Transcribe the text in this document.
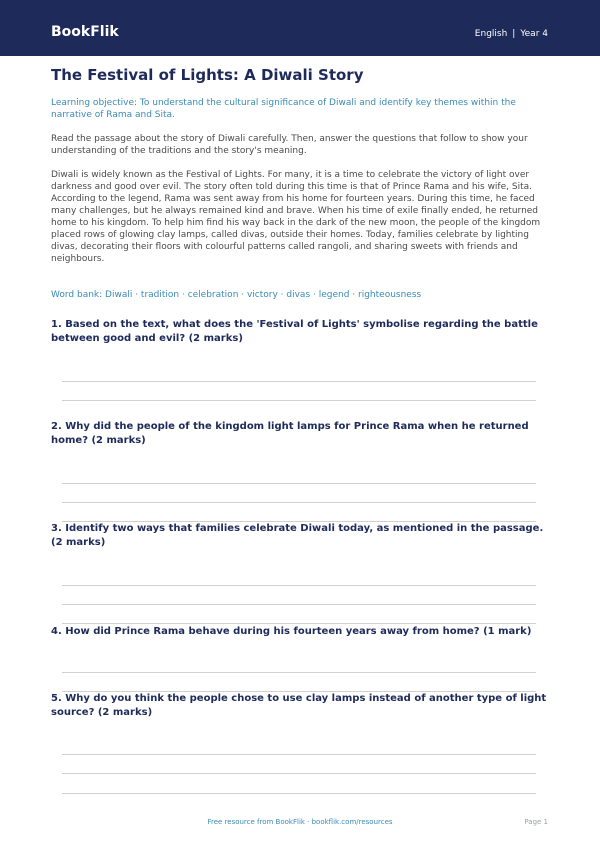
BookFlik	English | Year 4
The Festival of Lights: A Diwali Story
Learning objective: To understand the cultural significance of Diwali and identify key themes within the narrative of Rama and Sita.
Read the passage about the story of Diwali carefully. Then, answer the questions that follow to show your understanding of the traditions and the story's meaning.
Diwali is widely known as the Festival of Lights. For many, it is a time to celebrate the victory of light over darkness and good over evil. The story often told during this time is that of Prince Rama and his wife, Sita. According to the legend, Rama was sent away from his home for fourteen years. During this time, he faced many challenges, but he always remained kind and brave. When his time of exile finally ended, he returned home to his kingdom. To help him find his way back in the dark of the new moon, the people of the kingdom placed rows of glowing clay lamps, called divas, outside their homes. Today, families celebrate by lighting divas, decorating their floors with colourful patterns called rangoli, and sharing sweets with friends and neighbours.
Word bank: Diwali · tradition · celebration · victory · divas · legend · righteousness
1. Based on the text, what does the 'Festival of Lights' symbolise regarding the battle between good and evil? (2 marks)
2. Why did the people of the kingdom light lamps for Prince Rama when he returned home? (2 marks)
3. Identify two ways that families celebrate Diwali today, as mentioned in the passage. (2 marks)
4. How did Prince Rama behave during his fourteen years away from home? (1 mark)
5. Why do you think the people chose to use clay lamps instead of another type of light source? (2 marks)
Free resource from BookFlik · bookflik.com/resources	Page 1
